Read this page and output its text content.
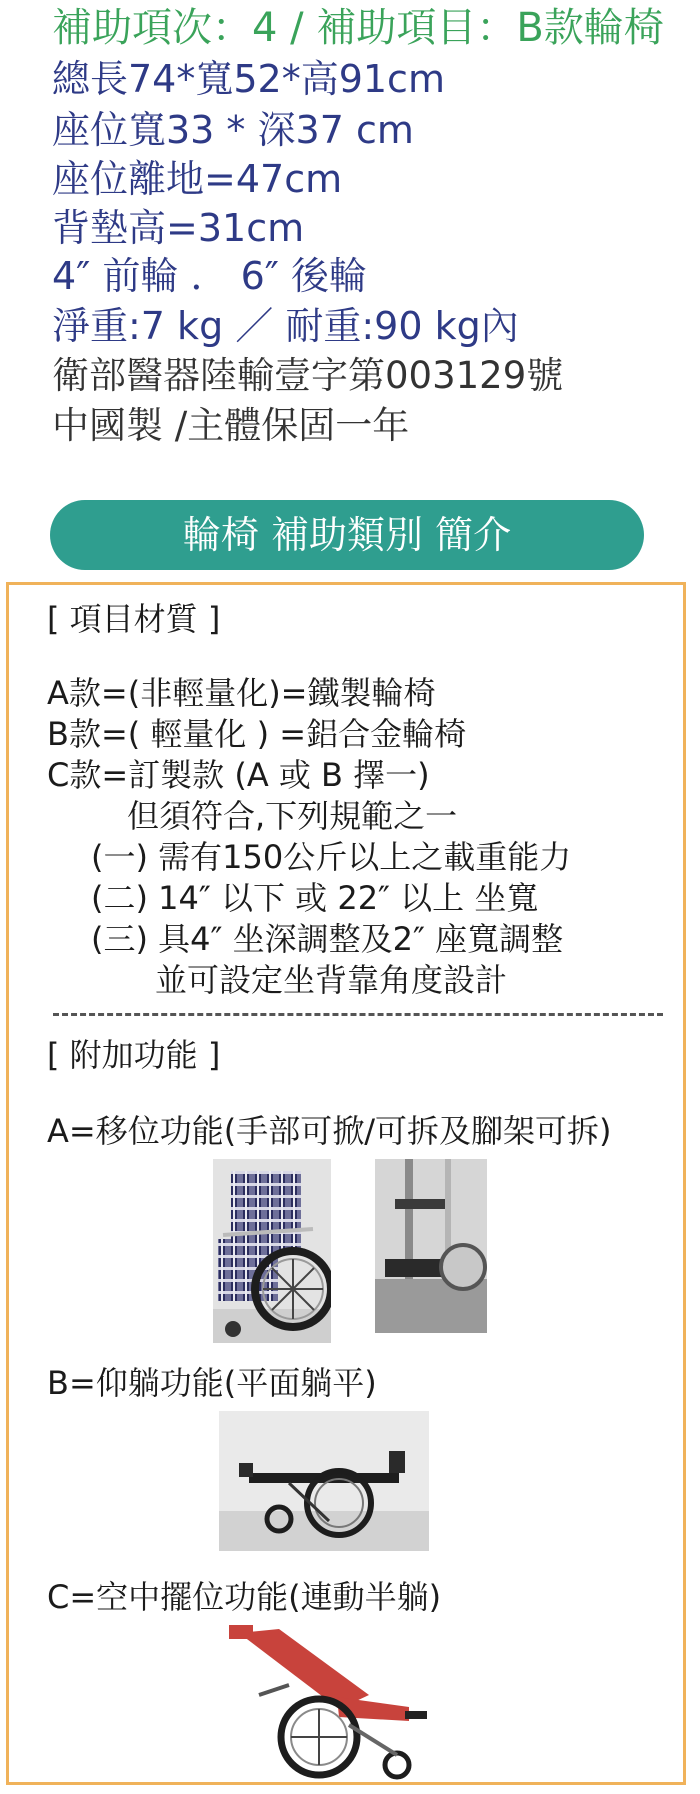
補助項次：4 / 補助項目：B款輪椅
總長74*寬52*高91cm
座位寬33 * 深37 cm
座位離地=47cm
背墊高=31cm
4″ 前輪 ． 6″ 後輪
淨重:7 kg ／ 耐重:90 kg內
衛部醫器陸輸壹字第003129號
中國製 /主體保固一年
輪椅 補助類別 簡介
[ 項目材質 ]
A款=(非輕量化)=鐵製輪椅
B款=( 輕量化 ) =鋁合金輪椅
C款=訂製款 (A 或 B 擇一)
但須符合,下列規範之一
(一) 需有150公斤以上之載重能力
(二) 14″ 以下 或 22″ 以上 坐寬
(三) 具4″ 坐深調整及2″ 座寬調整
並可設定坐背靠角度設計
[ 附加功能 ]
A=移位功能(手部可掀/可拆及腳架可拆)
B=仰躺功能(平面躺平)
C=空中擺位功能(連動半躺)
